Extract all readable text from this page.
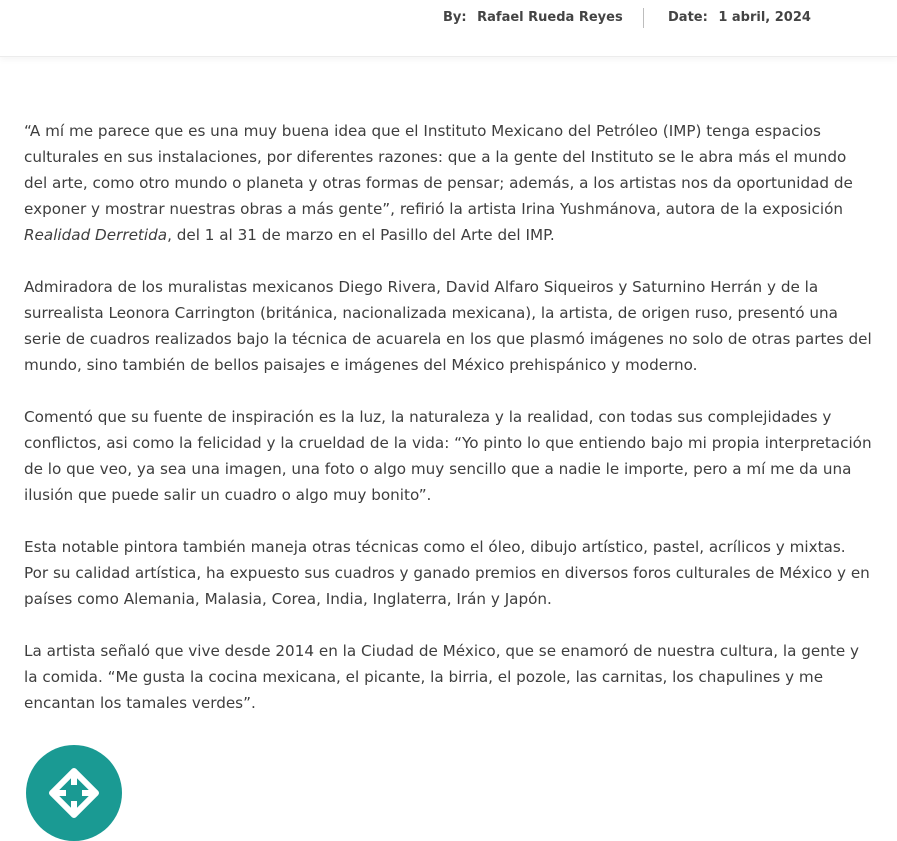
By: Rafael Rueda Reyes	Date: 1 abril, 2024

“A mí me parece que es una muy buena idea que el Instituto Mexicano del Petróleo (IMP) tenga espacios culturales en sus instalaciones, por diferentes razones: que a la gente del Instituto se le abra más el mundo del arte, como otro mundo o planeta y otras formas de pensar; además, a los artistas nos da oportunidad de exponer y mostrar nuestras obras a más gente”, refirió la artista Irina Yushmánova, autora de la exposición Realidad Derretida, del 1 al 31 de marzo en el Pasillo del Arte del IMP.

Admiradora de los muralistas mexicanos Diego Rivera, David Alfaro Siqueiros y Saturnino Herrán y de la surrealista Leonora Carrington (británica, nacionalizada mexicana), la artista, de origen ruso, presentó una serie de cuadros realizados bajo la técnica de acuarela en los que plasmó imágenes no solo de otras partes del mundo, sino también de bellos paisajes e imágenes del México prehispánico y moderno.

Comentó que su fuente de inspiración es la luz, la naturaleza y la realidad, con todas sus complejidades y conflictos, asi como la felicidad y la crueldad de la vida: “Yo pinto lo que entiendo bajo mi propia interpretación de lo que veo, ya sea una imagen, una foto o algo muy sencillo que a nadie le importe, pero a mí me da una ilusión que puede salir un cuadro o algo muy bonito”.

Esta notable pintora también maneja otras técnicas como el óleo, dibujo artístico, pastel, acrílicos y mixtas. Por su calidad artística, ha expuesto sus cuadros y ganado premios en diversos foros culturales de México y en países como Alemania, Malasia, Corea, India, Inglaterra, Irán y Japón.

La artista señaló que vive desde 2014 en la Ciudad de México, que se enamoró de nuestra cultura, la gente y la comida. “Me gusta la cocina mexicana, el picante, la birria, el pozole, las carnitas, los chapulines y me encantan los tamales verdes”.
